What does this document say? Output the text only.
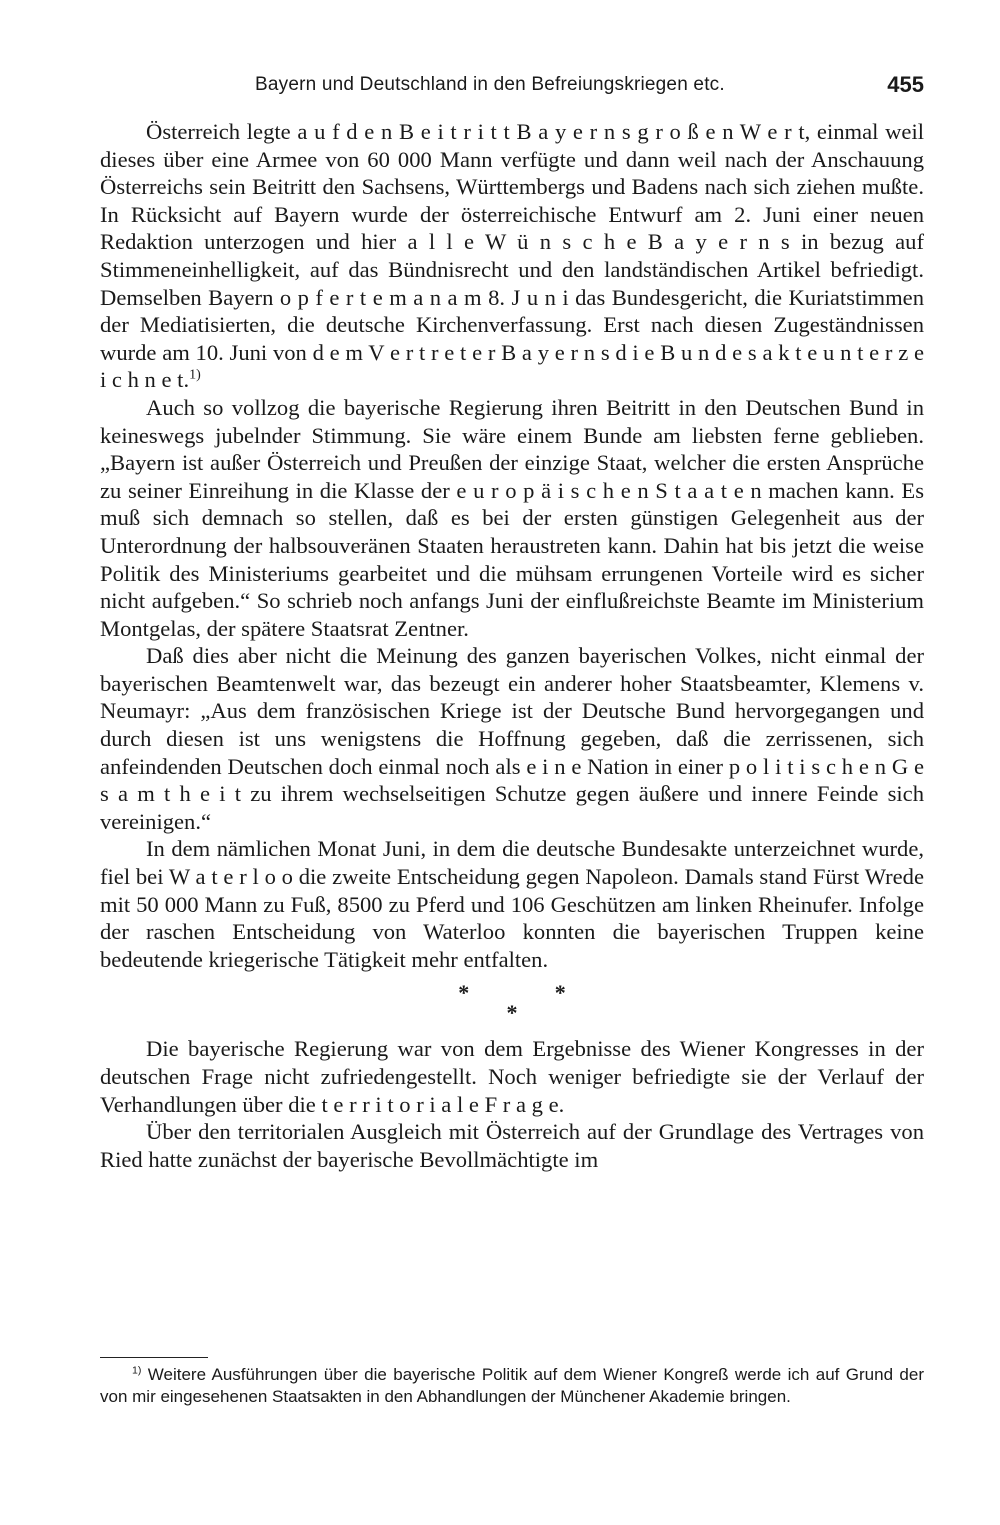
Bayern und Deutschland in den Befreiungskriegen etc.	455

Österreich legte a u f d e n B e i t r i t t B a y e r n s g r o ß e n W e r t, einmal weil dieses über eine Armee von 60 000 Mann verfügte und dann weil nach der Anschauung Österreichs sein Beitritt den Sachsens, Württembergs und Badens nach sich ziehen mußte. In Rücksicht auf Bayern wurde der österreichische Entwurf am 2. Juni einer neuen Redaktion unterzogen und hier a l l e W ü n s c h e B a y e r n s in bezug auf Stimmeneinhelligkeit, auf das Bündnisrecht und den landständischen Artikel befriedigt. Demselben Bayern o p f e r t e m a n a m 8. J u n i das Bundesgericht, die Kuriatstimmen der Mediatisierten, die deutsche Kirchenverfassung. Erst nach diesen Zugeständnissen wurde am 10. Juni von d e m V e r t r e t e r B a y e r n s d i e B u n d e s a k t e u n t e r z e i c h n e t.$^{1)}$

Auch so vollzog die bayerische Regierung ihren Beitritt in den Deutschen Bund in keineswegs jubelnder Stimmung. Sie wäre einem Bunde am liebsten ferne geblieben. „Bayern ist außer Österreich und Preußen der einzige Staat, welcher die ersten Ansprüche zu seiner Einreihung in die Klasse der e u r o p ä i s c h e n S t a a t e n machen kann. Es muß sich demnach so stellen, daß es bei der ersten günstigen Gelegenheit aus der Unterordnung der halbsouveränen Staaten heraustreten kann. Dahin hat bis jetzt die weise Politik des Ministeriums gearbeitet und die mühsam errungenen Vorteile wird es sicher nicht aufgeben.“ So schrieb noch anfangs Juni der einflußreichste Beamte im Ministerium Montgelas, der spätere Staatsrat Zentner.

Daß dies aber nicht die Meinung des ganzen bayerischen Volkes, nicht einmal der bayerischen Beamtenwelt war, das bezeugt ein anderer hoher Staatsbeamter, Klemens v. Neumayr: „Aus dem französischen Kriege ist der Deutsche Bund hervorgegangen und durch diesen ist uns wenigstens die Hoffnung gegeben, daß die zerrissenen, sich anfeindenden Deutschen doch einmal noch als e i n e Nation in einer p o l i t i s c h e n G e s a m t h e i t zu ihrem wechselseitigen Schutze gegen äußere und innere Feinde sich vereinigen.“

In dem nämlichen Monat Juni, in dem die deutsche Bundesakte unterzeichnet wurde, fiel bei W a t e r l o o die zweite Entscheidung gegen Napoleon. Damals stand Fürst Wrede mit 50 000 Mann zu Fuß, 8500 zu Pferd und 106 Geschützen am linken Rheinufer. Infolge der raschen Entscheidung von Waterloo konnten die bayerischen Truppen keine bedeutende kriegerische Tätigkeit mehr entfalten.

* *
*

Die bayerische Regierung war von dem Ergebnisse des Wiener Kongresses in der deutschen Frage nicht zufriedengestellt. Noch weniger befriedigte sie der Verlauf der Verhandlungen über die t e r r i t o r i a l e F r a g e.

Über den territorialen Ausgleich mit Österreich auf der Grundlage des Vertrages von Ried hatte zunächst der bayerische Bevollmächtigte im

$^{1)}$ Weitere Ausführungen über die bayerische Politik auf dem Wiener Kongreß werde ich auf Grund der von mir eingesehenen Staatsakten in den Abhandlungen der Münchener Akademie bringen.
